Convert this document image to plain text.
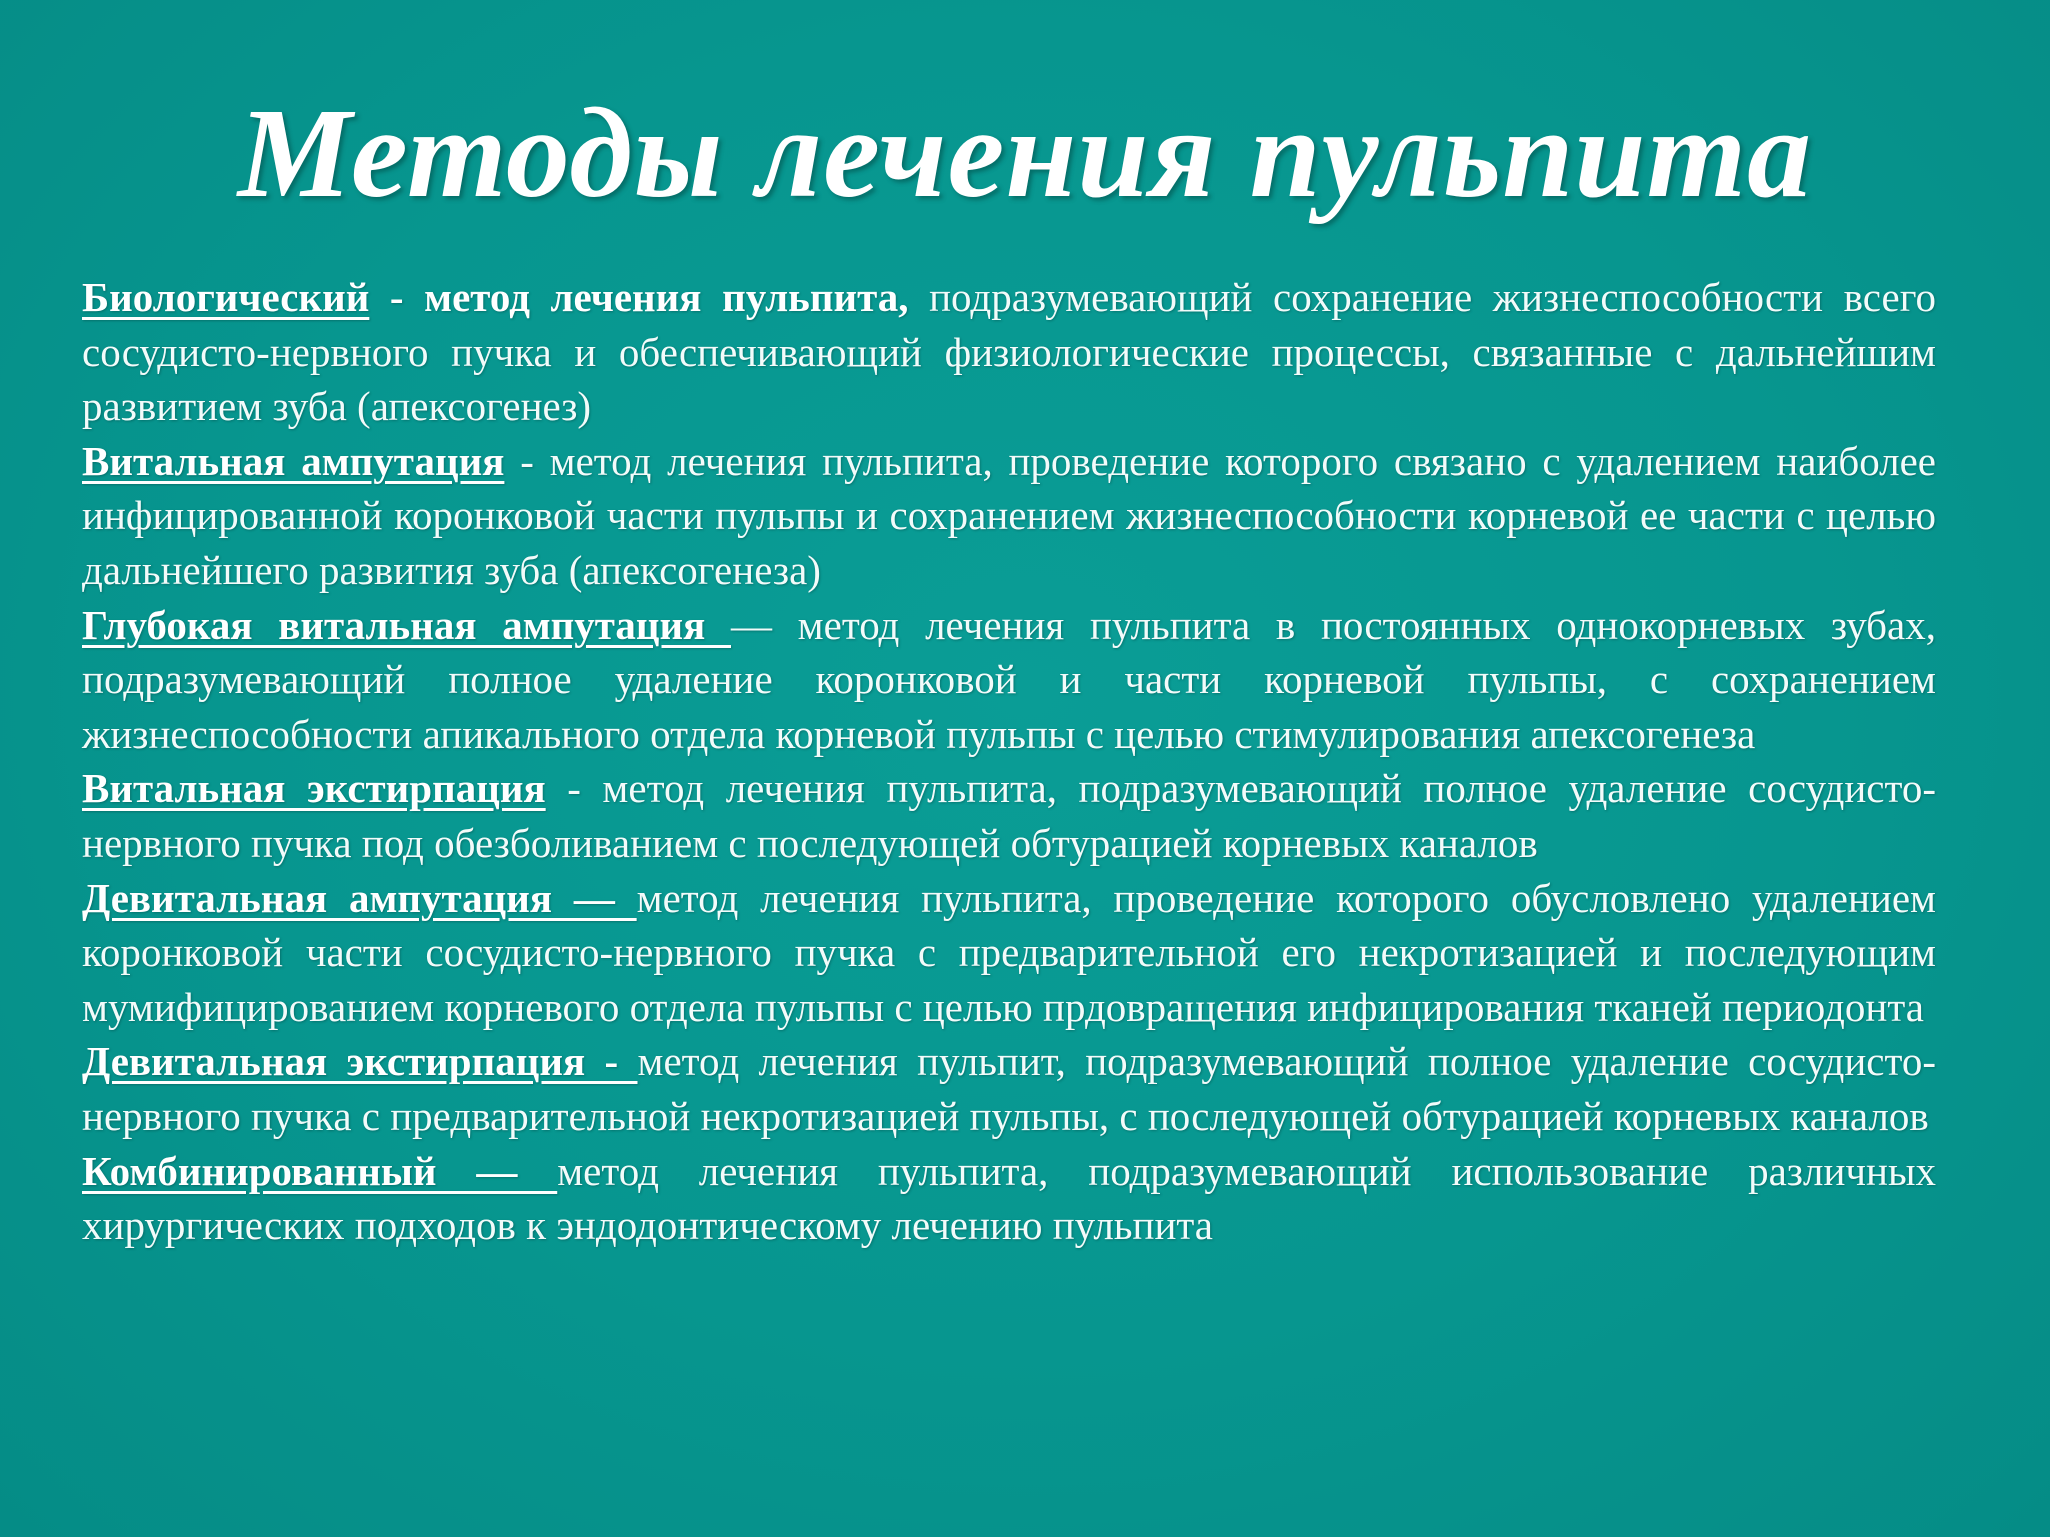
Методы лечения пульпита

Биологический - метод лечения пульпита, подразумевающий сохранение жизнеспособности всего сосудисто-нервного пучка и обеспечивающий физиологические процессы, связанные с дальнейшим развитием зуба (апексогенез)

Витальная ампутация - метод лечения пульпита, проведение которого связано с удалением наиболее инфицированной коронковой части пульпы и сохранением жизнеспособности корневой ее части с целью дальнейшего развития зуба (апексогенеза)

Глубокая витальная ампутация — метод лечения пульпита в постоянных однокорневых зубах, подразумевающий полное удаление коронковой и части корневой пульпы, с сохранением жизнеспособности апикального отдела корневой пульпы с целью стимулирования апексогенеза

Витальная экстирпация - метод лечения пульпита, подразумевающий полное удаление сосудисто-нервного пучка под обезболиванием с последующей обтурацией корневых каналов

Девитальная ампутация — метод лечения пульпита, проведение которого обусловлено удалением коронковой части сосудисто-нервного пучка с предварительной его некротизацией и последующим мумифицированием корневого отдела пульпы с целью прдовращения инфицирования тканей периодонта

Девитальная экстирпация - метод лечения пульпит, подразумевающий полное удаление сосудисто-нервного пучка с предварительной некротизацией пульпы, с последующей обтурацией корневых каналов

Комбинированный — метод лечения пульпита, подразумевающий использование различных хирургических подходов к эндодонтическому лечению пульпита
